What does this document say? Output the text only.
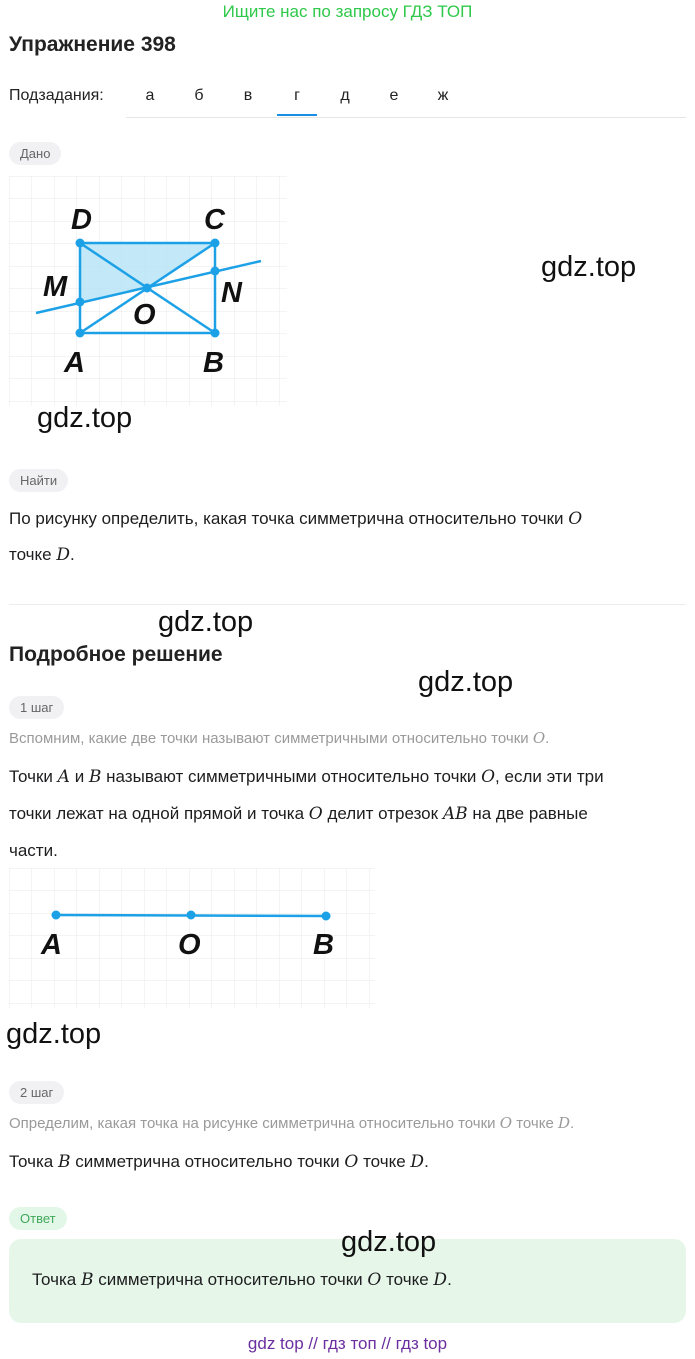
Ищите нас по запросу ГДЗ ТОП
Упражнение 398
Подзадания:	а	б	в	г	д	е	ж
Дано
D	C
M	N
O
A	B
gdz.top
gdz.top
Найти
По рисунку определить, какая точка симметрична относительно точки O
точке D.
gdz.top
Подробное решение
gdz.top
1 шаг
Вспомним, какие две точки называют симметричными относительно точки O.
Точки A и B называют симметричными относительно точки O, если эти три
точки лежат на одной прямой и точка O делит отрезок AB на две равные
части.
A	O	B
gdz.top
2 шаг
Определим, какая точка на рисунке симметрична относительно точки O точке D.
Точка B симметрична относительно точки O точке D.
Ответ
Точка B симметрична относительно точки O точке D.
gdz.top
gdz top // гдз топ // гдз top
